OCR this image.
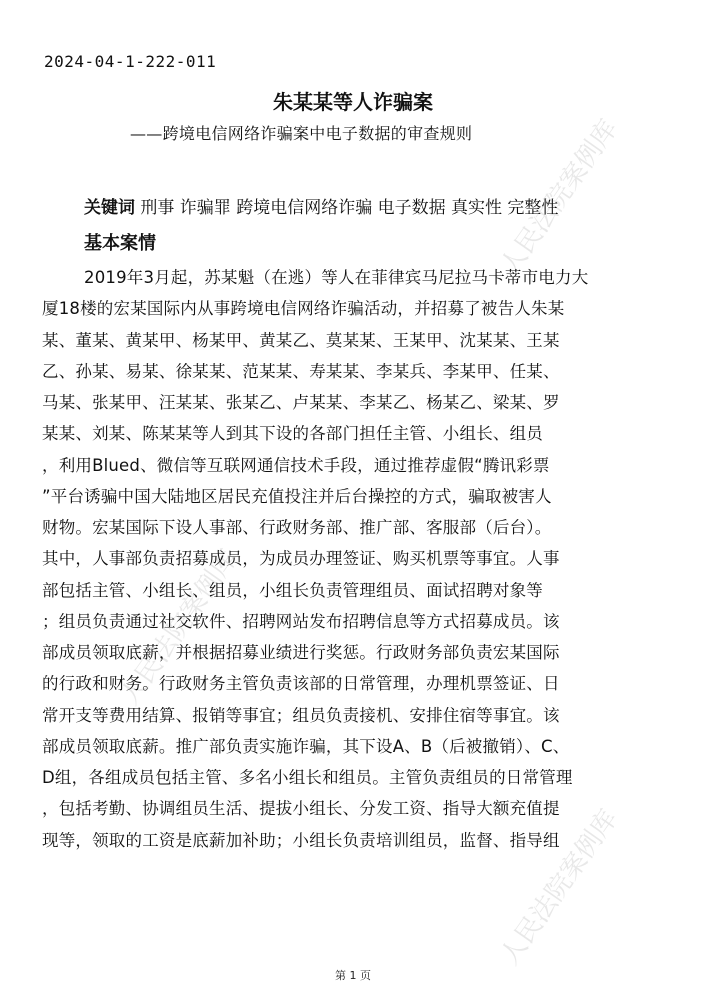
人民法院案例库
人民法院案例库
人民法院案例库
2024-04-1-222-011
朱某某等人诈骗案
——跨境电信网络诈骗案中电子数据的审查规则
关键词 刑事 诈骗罪 跨境电信网络诈骗 电子数据 真实性 完整性
基本案情
2019年3月起，苏某魁（在逃）等人在菲律宾马尼拉马卡蒂市电力大
厦18楼的宏某国际内从事跨境电信网络诈骗活动，并招募了被告人朱某
某、董某、黄某甲、杨某甲、黄某乙、莫某某、王某甲、沈某某、王某
乙、孙某、易某、徐某某、范某某、寿某某、李某兵、李某甲、任某、
马某、张某甲、汪某某、张某乙、卢某某、李某乙、杨某乙、梁某、罗
某某、刘某、陈某某等人到其下设的各部门担任主管、小组长、组员
，利用Blued、微信等互联网通信技术手段，通过推荐虚假“腾讯彩票
”平台诱骗中国大陆地区居民充值投注并后台操控的方式，骗取被害人
财物。宏某国际下设人事部、行政财务部、推广部、客服部（后台）。
其中，人事部负责招募成员，为成员办理签证、购买机票等事宜。人事
部包括主管、小组长、组员，小组长负责管理组员、面试招聘对象等
；组员负责通过社交软件、招聘网站发布招聘信息等方式招募成员。该
部成员领取底薪，并根据招募业绩进行奖惩。行政财务部负责宏某国际
的行政和财务。行政财务主管负责该部的日常管理，办理机票签证、日
常开支等费用结算、报销等事宜；组员负责接机、安排住宿等事宜。该
部成员领取底薪。推广部负责实施诈骗，其下设A、B（后被撤销）、C、
D组，各组成员包括主管、多名小组长和组员。主管负责组员的日常管理
，包括考勤、协调组员生活、提拔小组长、分发工资、指导大额充值提
现等，领取的工资是底薪加补助；小组长负责培训组员，监督、指导组
第 1 页
